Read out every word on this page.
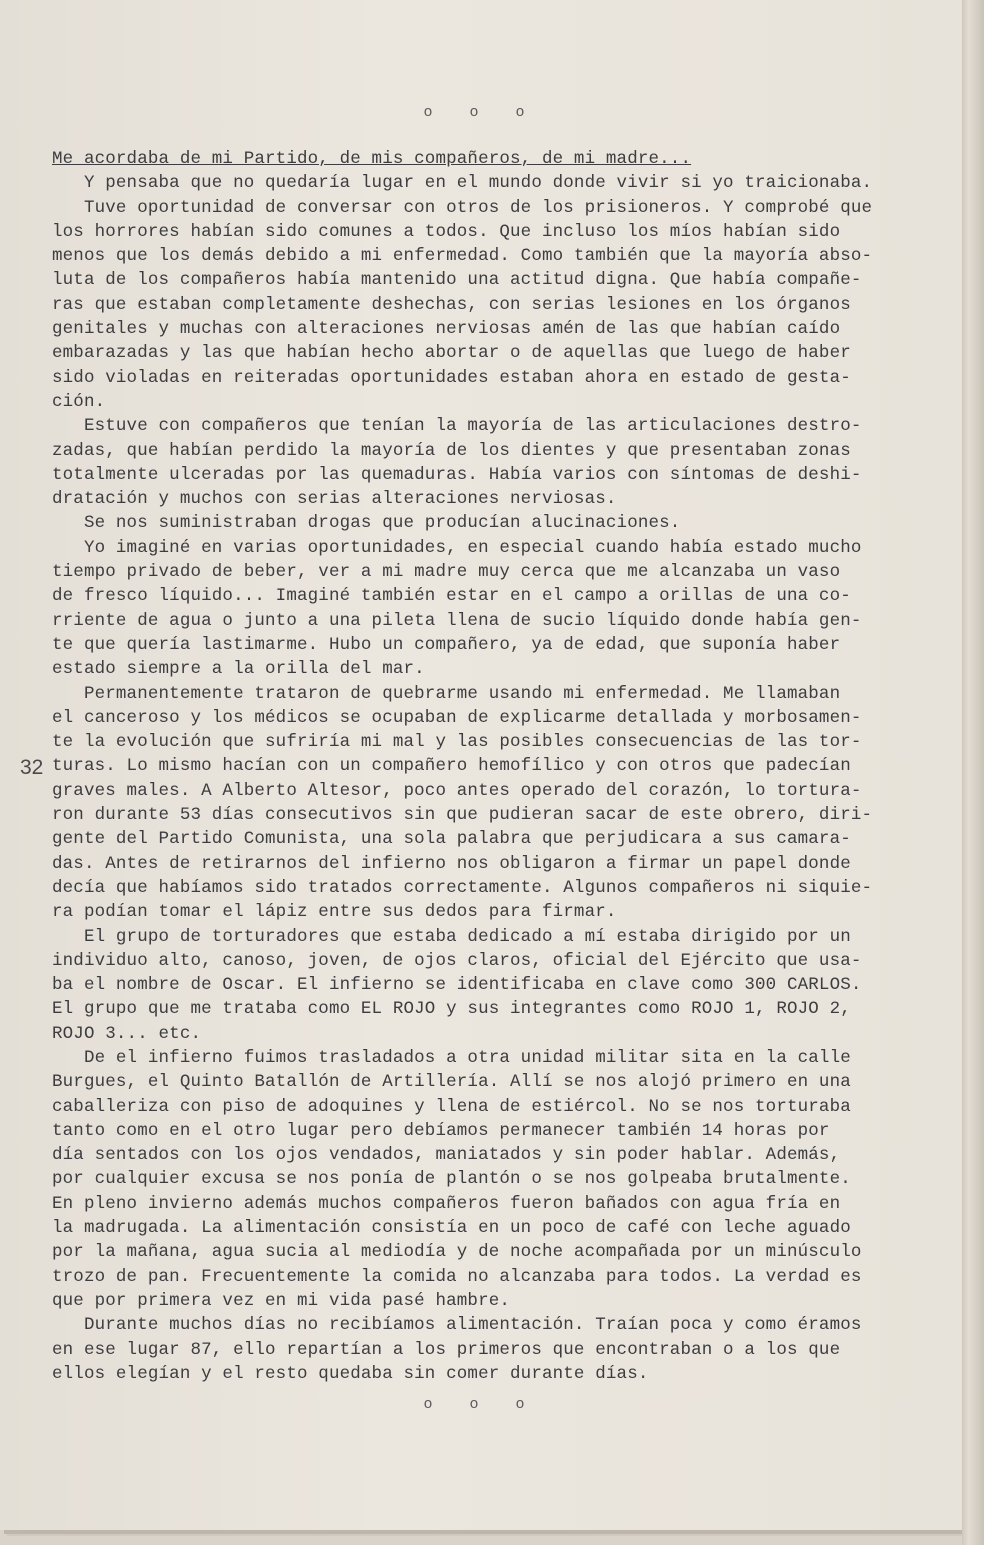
o o o
32
Me acordaba de mi Partido, de mis compañeros, de mi madre...
Y pensaba que no quedaría lugar en el mundo donde vivir si yo traicionaba.
Tuve oportunidad de conversar con otros de los prisioneros. Y comprobé que
los horrores habían sido comunes a todos. Que incluso los míos habían sido
menos que los demás debido a mi enfermedad. Como también que la mayoría abso-
luta de los compañeros había mantenido una actitud digna. Que había compañe-
ras que estaban completamente deshechas, con serias lesiones en los órganos
genitales y muchas con alteraciones nerviosas amén de las que habían caído
embarazadas y las que habían hecho abortar o de aquellas que luego de haber
sido violadas en reiteradas oportunidades estaban ahora en estado de gesta-
ción.
Estuve con compañeros que tenían la mayoría de las articulaciones destro-
zadas, que habían perdido la mayoría de los dientes y que presentaban zonas
totalmente ulceradas por las quemaduras. Había varios con síntomas de deshi-
dratación y muchos con serias alteraciones nerviosas.
Se nos suministraban drogas que producían alucinaciones.
Yo imaginé en varias oportunidades, en especial cuando había estado mucho
tiempo privado de beber, ver a mi madre muy cerca que me alcanzaba un vaso
de fresco líquido... Imaginé también estar en el campo a orillas de una co-
rriente de agua o junto a una pileta llena de sucio líquido donde había gen-
te que quería lastimarme. Hubo un compañero, ya de edad, que suponía haber
estado siempre a la orilla del mar.
Permanentemente trataron de quebrarme usando mi enfermedad. Me llamaban
el canceroso y los médicos se ocupaban de explicarme detallada y morbosamen-
te la evolución que sufriría mi mal y las posibles consecuencias de las tor-
turas. Lo mismo hacían con un compañero hemofílico y con otros que padecían
graves males. A Alberto Altesor, poco antes operado del corazón, lo tortura-
ron durante 53 días consecutivos sin que pudieran sacar de este obrero, diri-
gente del Partido Comunista, una sola palabra que perjudicara a sus camara-
das. Antes de retirarnos del infierno nos obligaron a firmar un papel donde
decía que habíamos sido tratados correctamente. Algunos compañeros ni siquie-
ra podían tomar el lápiz entre sus dedos para firmar.
El grupo de torturadores que estaba dedicado a mí estaba dirigido por un
individuo alto, canoso, joven, de ojos claros, oficial del Ejército que usa-
ba el nombre de Oscar. El infierno se identificaba en clave como 300 CARLOS.
El grupo que me trataba como EL ROJO y sus integrantes como ROJO 1, ROJO 2,
ROJO 3... etc.
De el infierno fuimos trasladados a otra unidad militar sita en la calle
Burgues, el Quinto Batallón de Artillería. Allí se nos alojó primero en una
caballeriza con piso de adoquines y llena de estiércol. No se nos torturaba
tanto como en el otro lugar pero debíamos permanecer también 14 horas por
día sentados con los ojos vendados, maniatados y sin poder hablar. Además,
por cualquier excusa se nos ponía de plantón o se nos golpeaba brutalmente.
En pleno invierno además muchos compañeros fueron bañados con agua fría en
la madrugada. La alimentación consistía en un poco de café con leche aguado
por la mañana, agua sucia al mediodía y de noche acompañada por un minúsculo
trozo de pan. Frecuentemente la comida no alcanzaba para todos. La verdad es
que por primera vez en mi vida pasé hambre.
Durante muchos días no recibíamos alimentación. Traían poca y como éramos
en ese lugar 87, ello repartían a los primeros que encontraban o a los que
ellos elegían y el resto quedaba sin comer durante días.
o o o
